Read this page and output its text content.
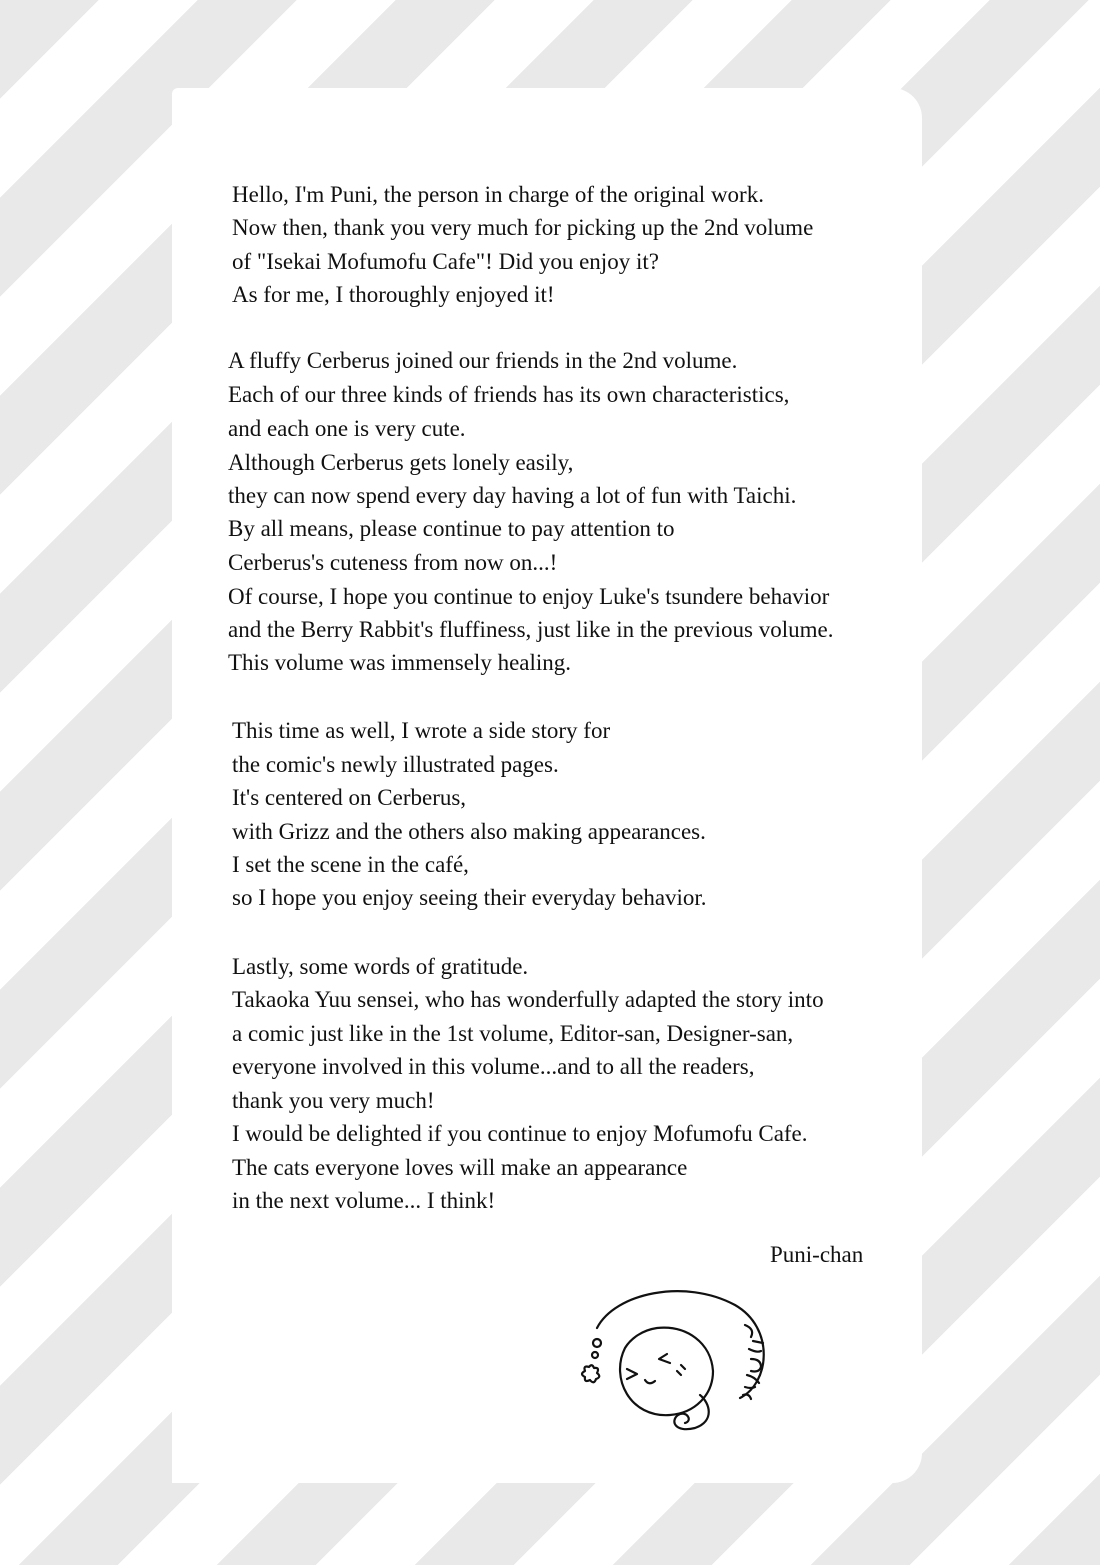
Hello, I'm Puni, the person in charge of the original work.

Now then, thank you very much for picking up the 2nd volume

of "Isekai Mofumofu Cafe"! Did you enjoy it?

As for me, I thoroughly enjoyed it!

A fluffy Cerberus joined our friends in the 2nd volume.

Each of our three kinds of friends has its own characteristics,

and each one is very cute.

Although Cerberus gets lonely easily,

they can now spend every day having a lot of fun with Taichi.

By all means, please continue to pay attention to

Cerberus's cuteness from now on...!

Of course, I hope you continue to enjoy Luke's tsundere behavior

and the Berry Rabbit's fluffiness, just like in the previous volume.

This volume was immensely healing.

This time as well, I wrote a side story for

the comic's newly illustrated pages.

It's centered on Cerberus,

with Grizz and the others also making appearances.

I set the scene in the café,

so I hope you enjoy seeing their everyday behavior.

Lastly, some words of gratitude.

Takaoka Yuu sensei, who has wonderfully adapted the story into

a comic just like in the 1st volume, Editor-san, Designer-san,

everyone involved in this volume...and to all the readers,

thank you very much!

I would be delighted if you continue to enjoy Mofumofu Cafe.

The cats everyone loves will make an appearance

in the next volume... I think!

Puni-chan
